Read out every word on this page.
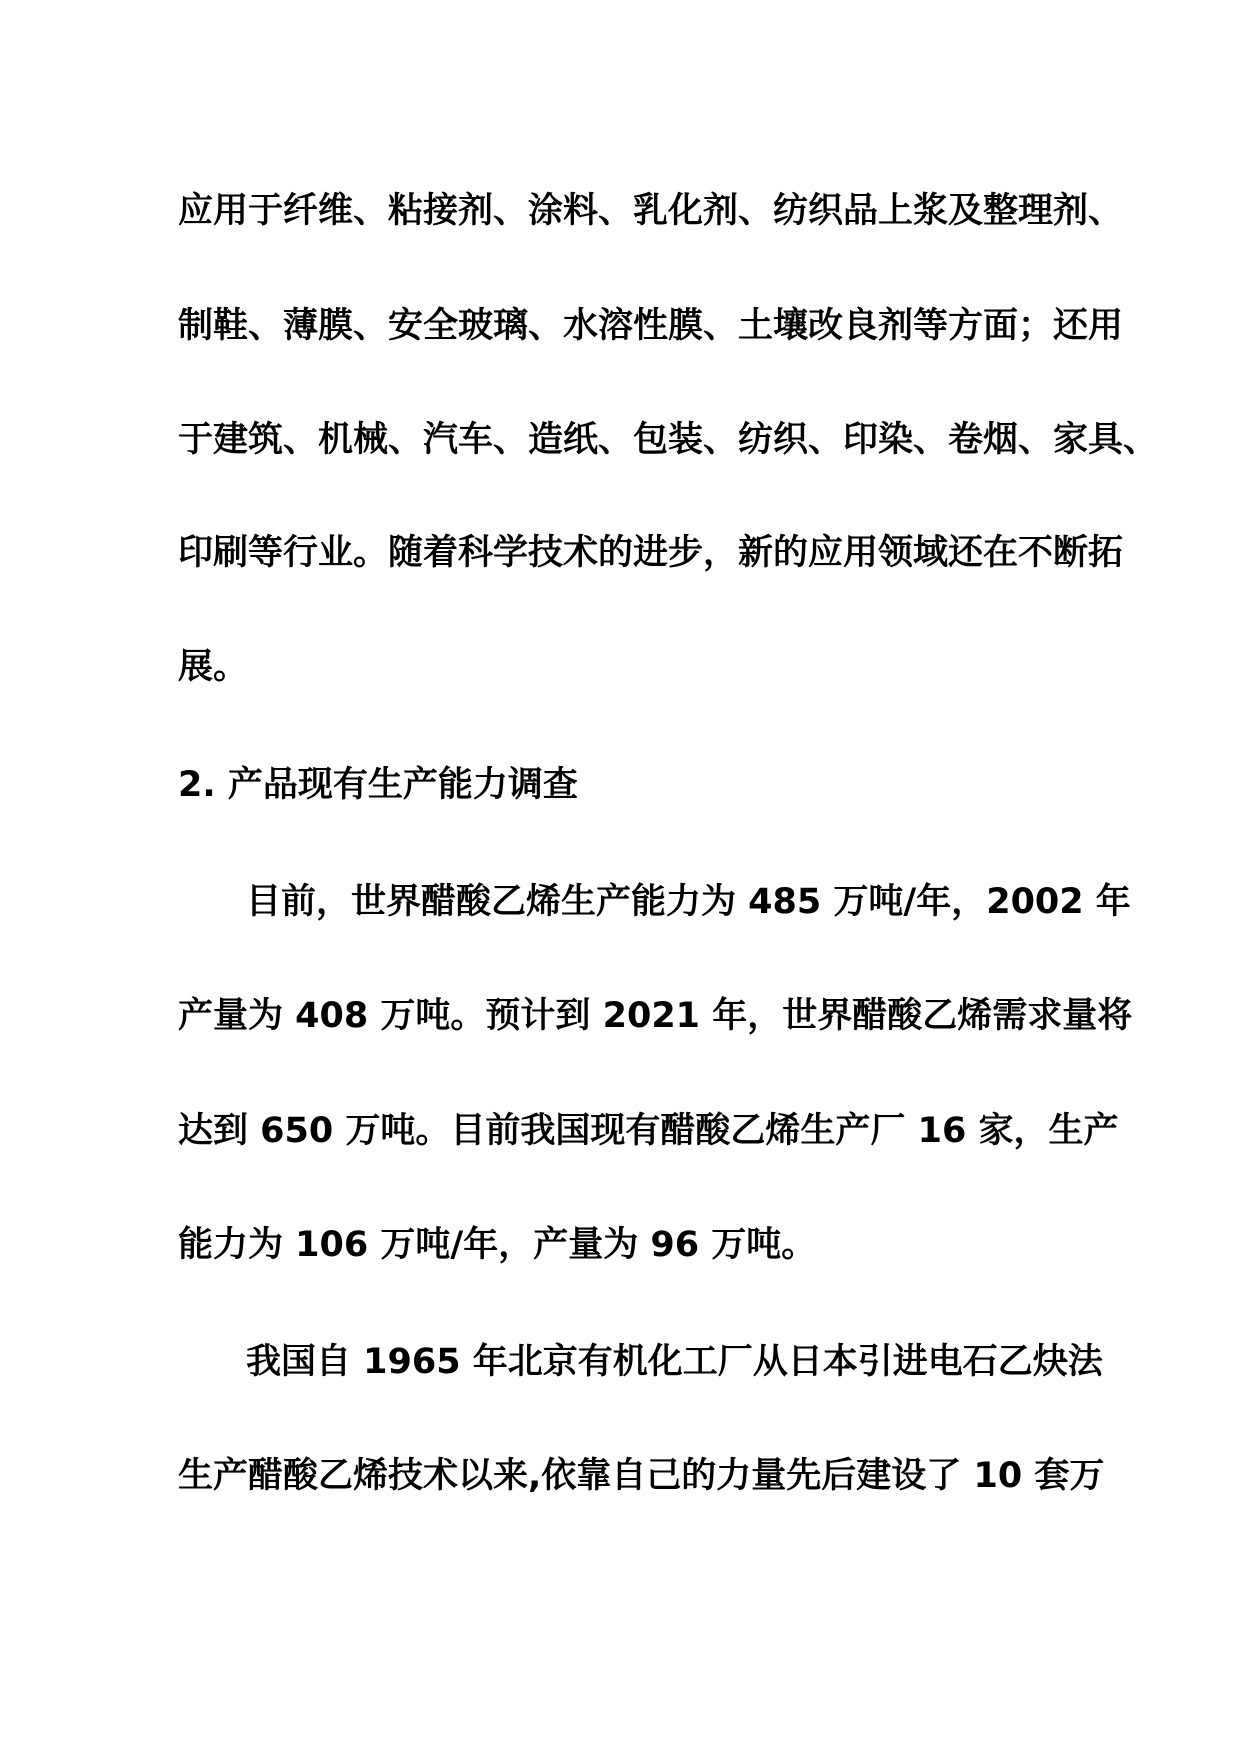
应用于纤维、粘接剂、涂料、乳化剂、纺织品上浆及整理剂、
制鞋、薄膜、安全玻璃、水溶性膜、土壤改良剂等方面；还用
于建筑、机械、汽车、造纸、包装、纺织、印染、卷烟、家具、
印刷等行业。随着科学技术的进步，新的应用领域还在不断拓
展。
2. 产品现有生产能力调查
目前，世界醋酸乙烯生产能力为 485 万吨/年，2002 年
产量为 408 万吨。预计到 2021 年，世界醋酸乙烯需求量将
达到 650 万吨。目前我国现有醋酸乙烯生产厂 16 家，生产
能力为 106 万吨/年，产量为 96 万吨。
我国自 1965 年北京有机化工厂从日本引进电石乙炔法
生产醋酸乙烯技术以来,依靠自己的力量先后建设了 10 套万
